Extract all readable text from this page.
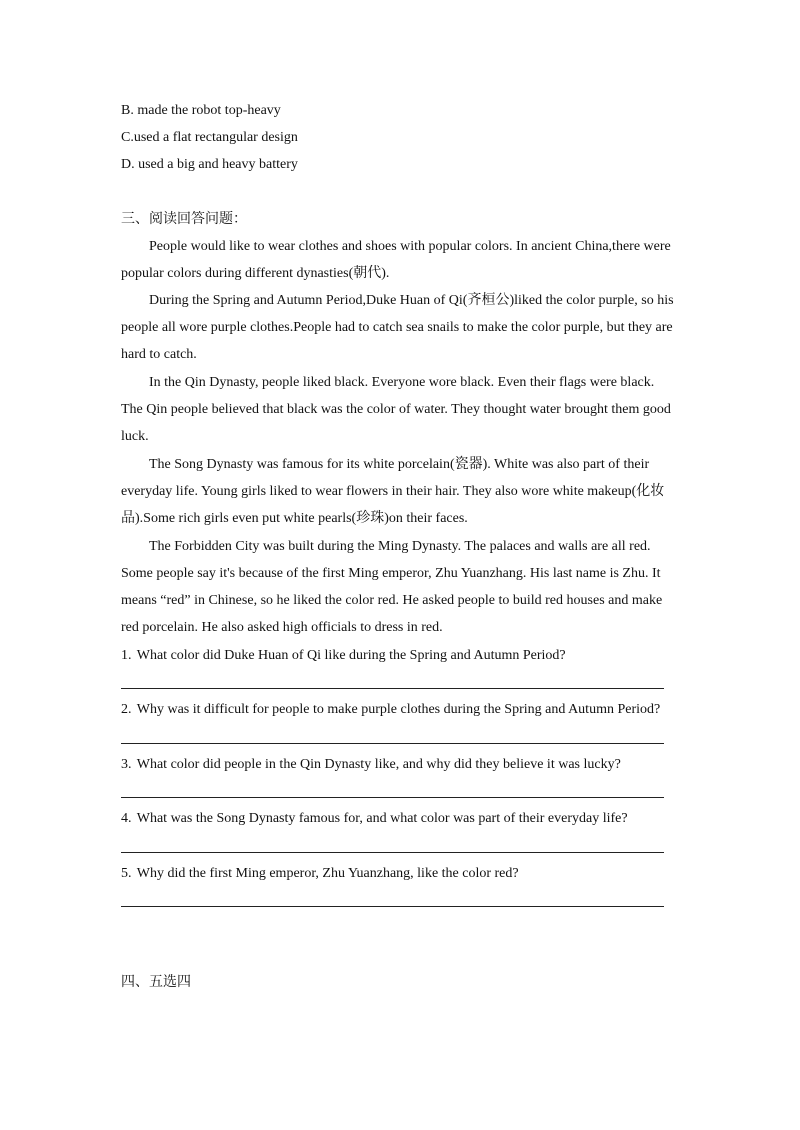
B. made the robot top-heavy
C.used a flat rectangular design
D. used a big and heavy battery
三、阅读回答问题：
People would like to wear clothes and shoes with popular colors. In ancient China,there were
popular colors during different dynasties(朝代).
During the Spring and Autumn Period,Duke Huan of Qi(齐桓公)liked the color purple, so his
people all wore purple clothes.People had to catch sea snails to make the color purple, but they are
hard to catch.
In the Qin Dynasty, people liked black. Everyone wore black. Even their flags were black.
The Qin people believed that black was the color of water. They thought water brought them good
luck.
The Song Dynasty was famous for its white porcelain(瓷器). White was also part of their
everyday life. Young girls liked to wear flowers in their hair. They also wore white makeup(化妆
品).Some rich girls even put white pearls(珍珠)on their faces.
The Forbidden City was built during the Ming Dynasty. The palaces and walls are all red.
Some people say it's because of the first Ming emperor, Zhu Yuanzhang. His last name is Zhu. It
means “red” in Chinese, so he liked the color red. He asked people to build red houses and make
red porcelain. He also asked high officials to dress in red.
1. What color did Duke Huan of Qi like during the Spring and Autumn Period?
2. Why was it difficult for people to make purple clothes during the Spring and Autumn Period?
3. What color did people in the Qin Dynasty like, and why did they believe it was lucky?
4. What was the Song Dynasty famous for, and what color was part of their everyday life?
5. Why did the first Ming emperor, Zhu Yuanzhang, like the color red?
四、五选四
